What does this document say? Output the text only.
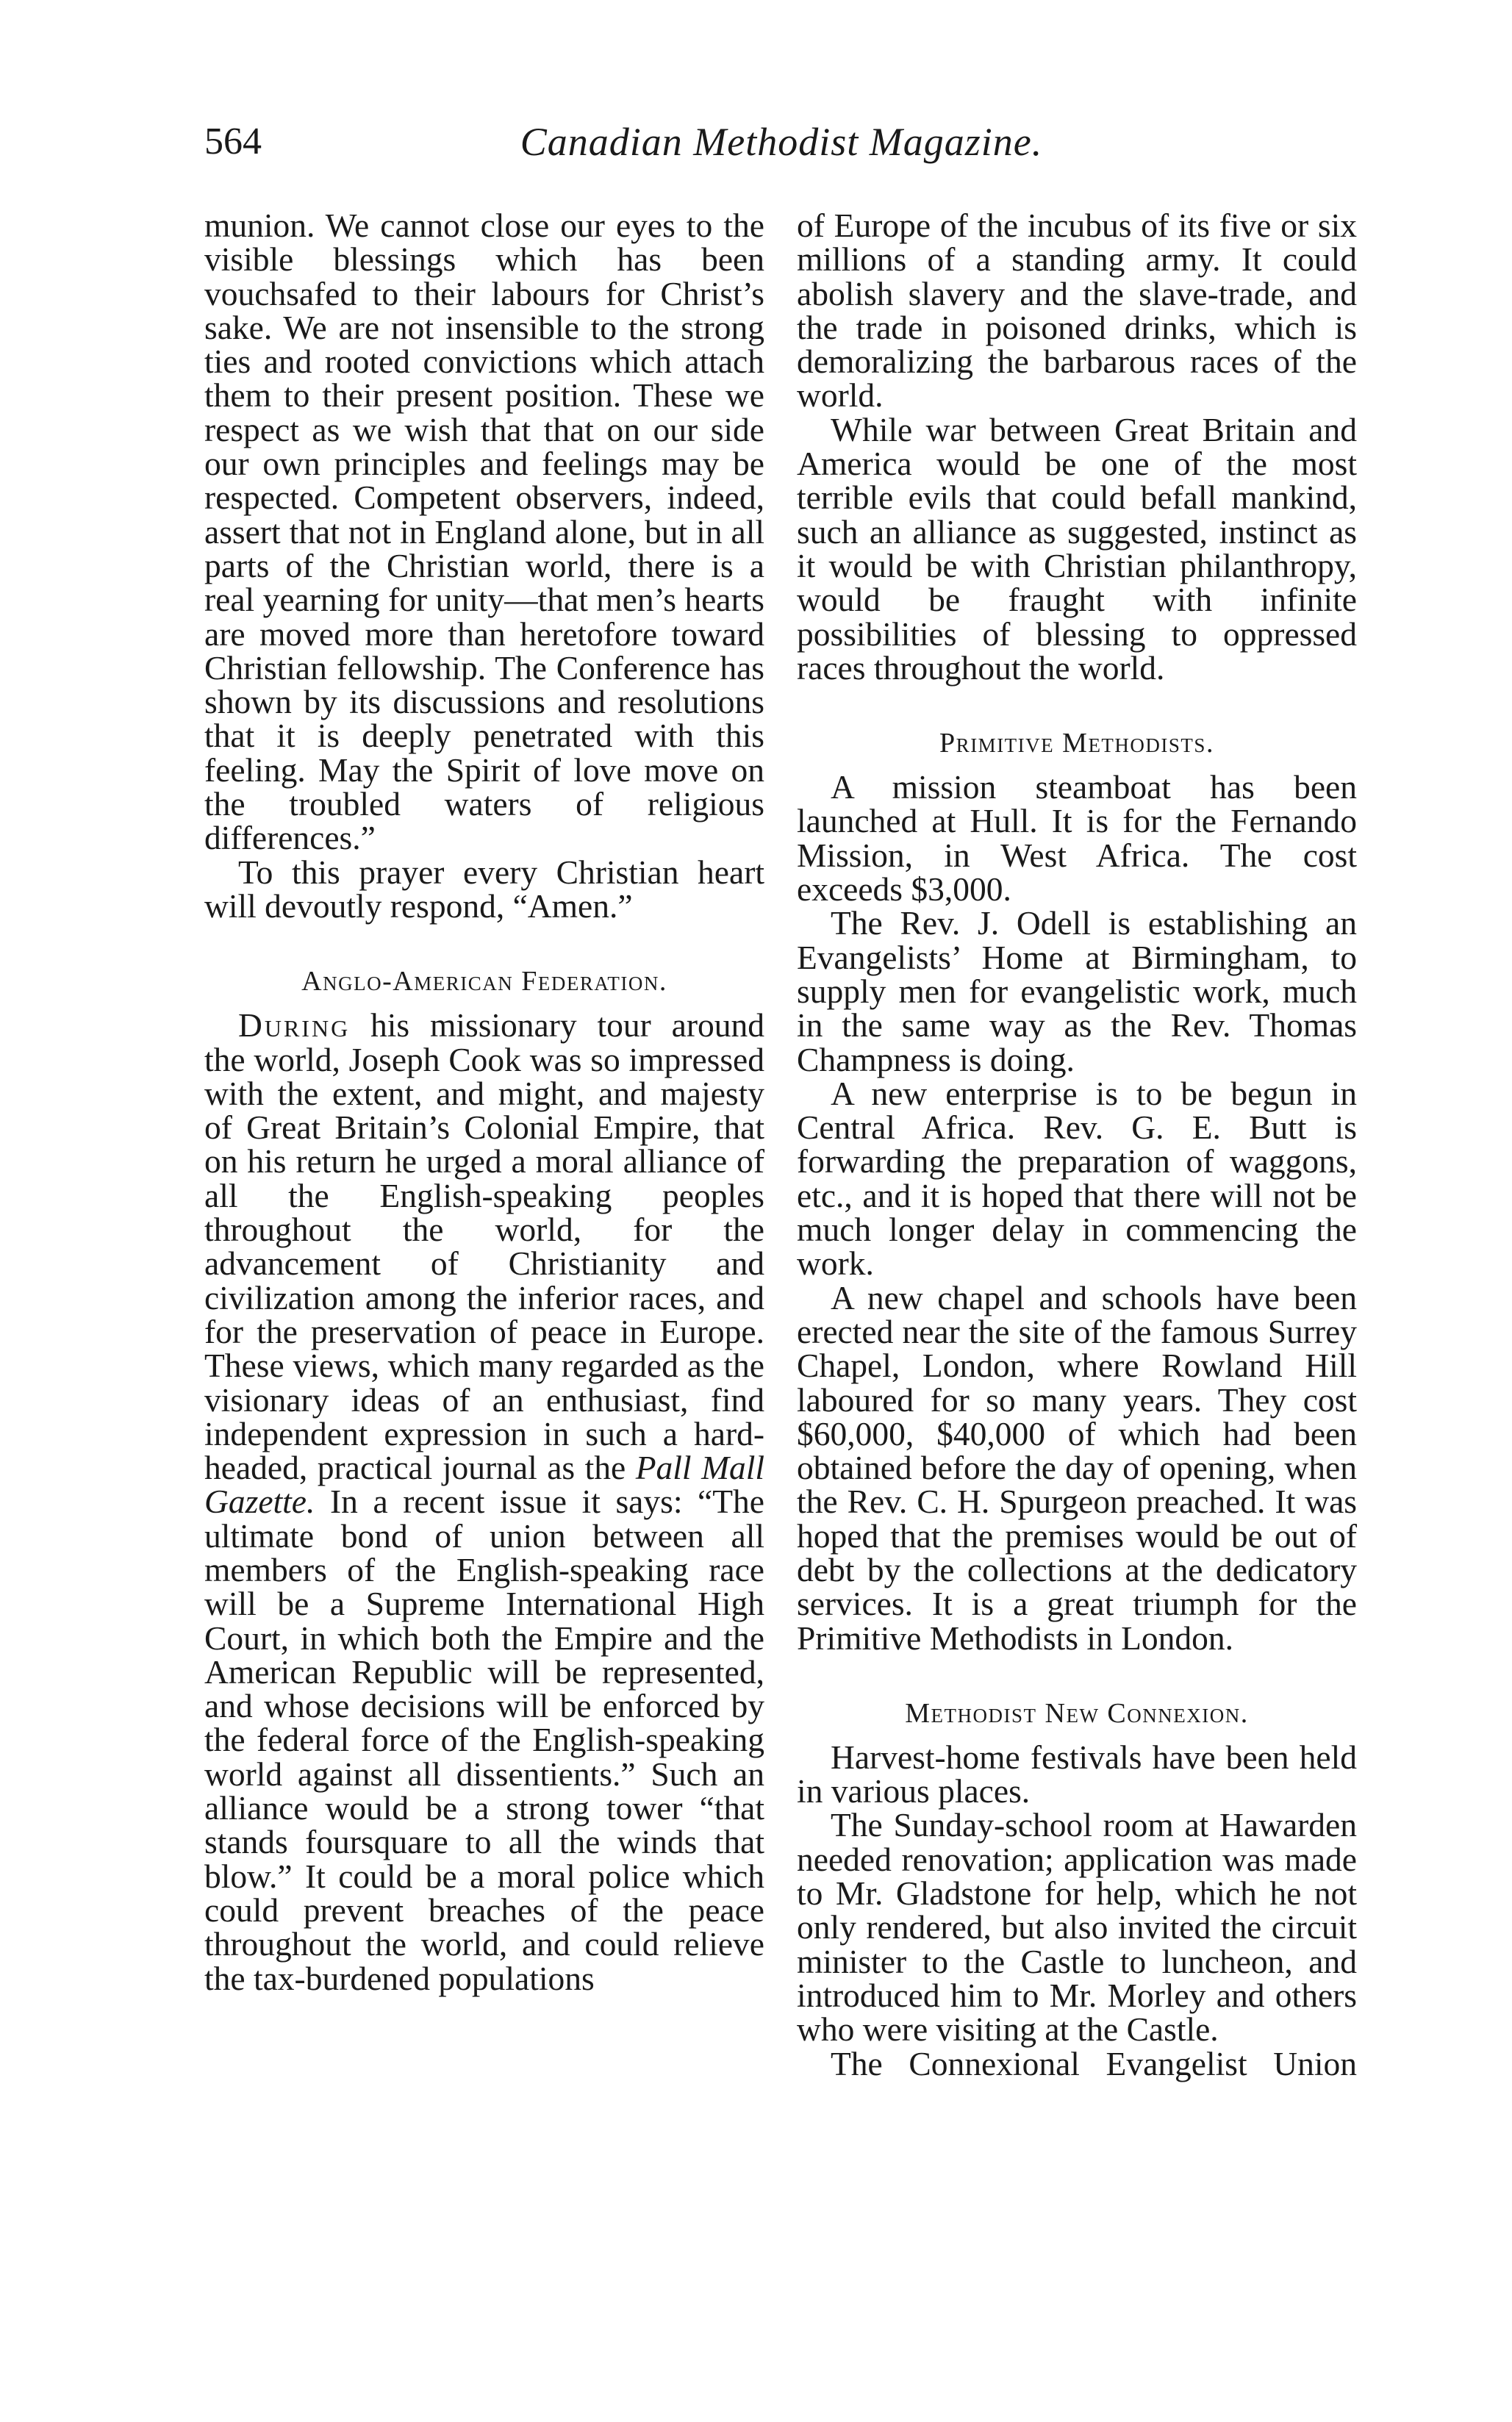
564	Canadian Methodist Magazine.

munion. We cannot close our eyes to the visible blessings which has been vouchsafed to their labours for Christ’s sake. We are not insensible to the strong ties and rooted convictions which attach them to their present position. These we respect as we wish that that on our side our own principles and feelings may be respected. Competent observers, indeed, assert that not in England alone, but in all parts of the Christian world, there is a real yearning for unity—that men’s hearts are moved more than heretofore toward Christian fellowship. The Conference has shown by its discussions and resolutions that it is deeply penetrated with this feeling. May the Spirit of love move on the troubled waters of religious differences.”

To this prayer every Christian heart will devoutly respond, “Amen.”

Anglo-American Federation.

During his missionary tour around the world, Joseph Cook was so impressed with the extent, and might, and majesty of Great Britain’s Colonial Empire, that on his return he urged a moral alliance of all the English-speaking peoples throughout the world, for the advancement of Christianity and civilization among the inferior races, and for the preservation of peace in Europe. These views, which many regarded as the visionary ideas of an enthusiast, find independent expression in such a hard-headed, practical journal as the Pall Mall Gazette. In a recent issue it says: “The ultimate bond of union between all members of the English-speaking race will be a Supreme International High Court, in which both the Empire and the American Republic will be represented, and whose decisions will be enforced by the federal force of the English-speaking world against all dissentients.” Such an alliance would be a strong tower “that stands foursquare to all the winds that blow.” It could be a moral police which could prevent breaches of the peace throughout the world, and could relieve the tax-burdened populations

of Europe of the incubus of its five or six millions of a standing army. It could abolish slavery and the slave-trade, and the trade in poisoned drinks, which is demoralizing the barbarous races of the world.

While war between Great Britain and America would be one of the most terrible evils that could befall mankind, such an alliance as suggested, instinct as it would be with Christian philanthropy, would be fraught with infinite possibilities of blessing to oppressed races throughout the world.

Primitive Methodists.

A mission steamboat has been launched at Hull. It is for the Fernando Mission, in West Africa. The cost exceeds $3,000.

The Rev. J. Odell is establishing an Evangelists’ Home at Birmingham, to supply men for evangelistic work, much in the same way as the Rev. Thomas Champness is doing.

A new enterprise is to be begun in Central Africa. Rev. G. E. Butt is forwarding the preparation of waggons, etc., and it is hoped that there will not be much longer delay in commencing the work.

A new chapel and schools have been erected near the site of the famous Surrey Chapel, London, where Rowland Hill laboured for so many years. They cost $60,000, $40,000 of which had been obtained before the day of opening, when the Rev. C. H. Spurgeon preached. It was hoped that the premises would be out of debt by the collections at the dedicatory services. It is a great triumph for the Primitive Methodists in London.

Methodist New Connexion.

Harvest-home festivals have been held in various places.

The Sunday-school room at Hawarden needed renovation; application was made to Mr. Gladstone for help, which he not only rendered, but also invited the circuit minister to the Castle to luncheon, and introduced him to Mr. Morley and others who were visiting at the Castle.

The Connexional Evangelist Union
